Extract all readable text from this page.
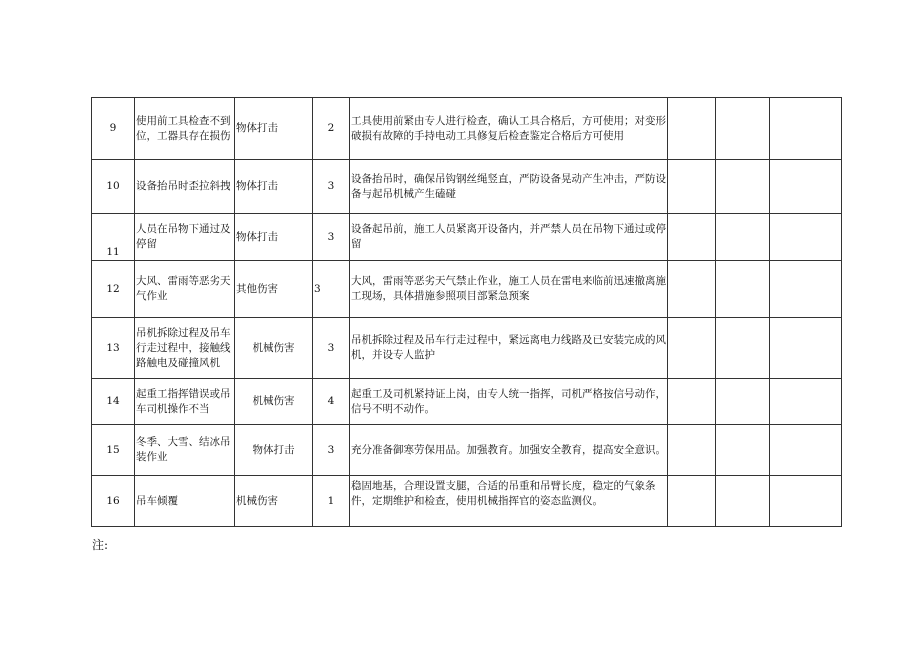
9	使用前工具检查不到位，工器具存在损伤	物体打击	2	工具使用前紧由专人进行检查，确认工具合格后，方可使用；对变形破损有故障的手持电动工具修复后检查鉴定合格后方可使用			
10	设备抬吊时歪拉斜拽	物体打击	3	设备抬吊时，确保吊钩钢丝绳竖直，严防设备晃动产生冲击，严防设备与起吊机械产生磕碰			
11	人员在吊物下通过及停留	物体打击	3	设备起吊前，施工人员紧离开设备内，并严禁人员在吊物下通过或停留			
12	大风、雷雨等恶劣天气作业	其他伤害	3	大风，雷雨等恶劣天气禁止作业，施工人员在雷电来临前迅速撤离施工现场，具体措施参照项目部紧急预案			
13	吊机拆除过程及吊车行走过程中，接触线路触电及碰撞风机	机械伤害	3	吊机拆除过程及吊车行走过程中，紧远离电力线路及已安装完成的风机，并设专人监护			
14	起重工指挥错误或吊车司机操作不当	机械伤害	4	起重工及司机紧持证上岗，由专人统一指挥，司机严格按信号动作，信号不明不动作。			
15	冬季、大雪、结冰吊装作业	物体打击	3	充分准备御寒劳保用品。加强教育。加强安全教育，提高安全意识。			
16	吊车倾覆	机械伤害	1	稳固地基，合理设置支腿，合适的吊重和吊臂长度，稳定的气象条件，定期维护和检查，使用机械指挥官的姿态监测仪。			
注:
